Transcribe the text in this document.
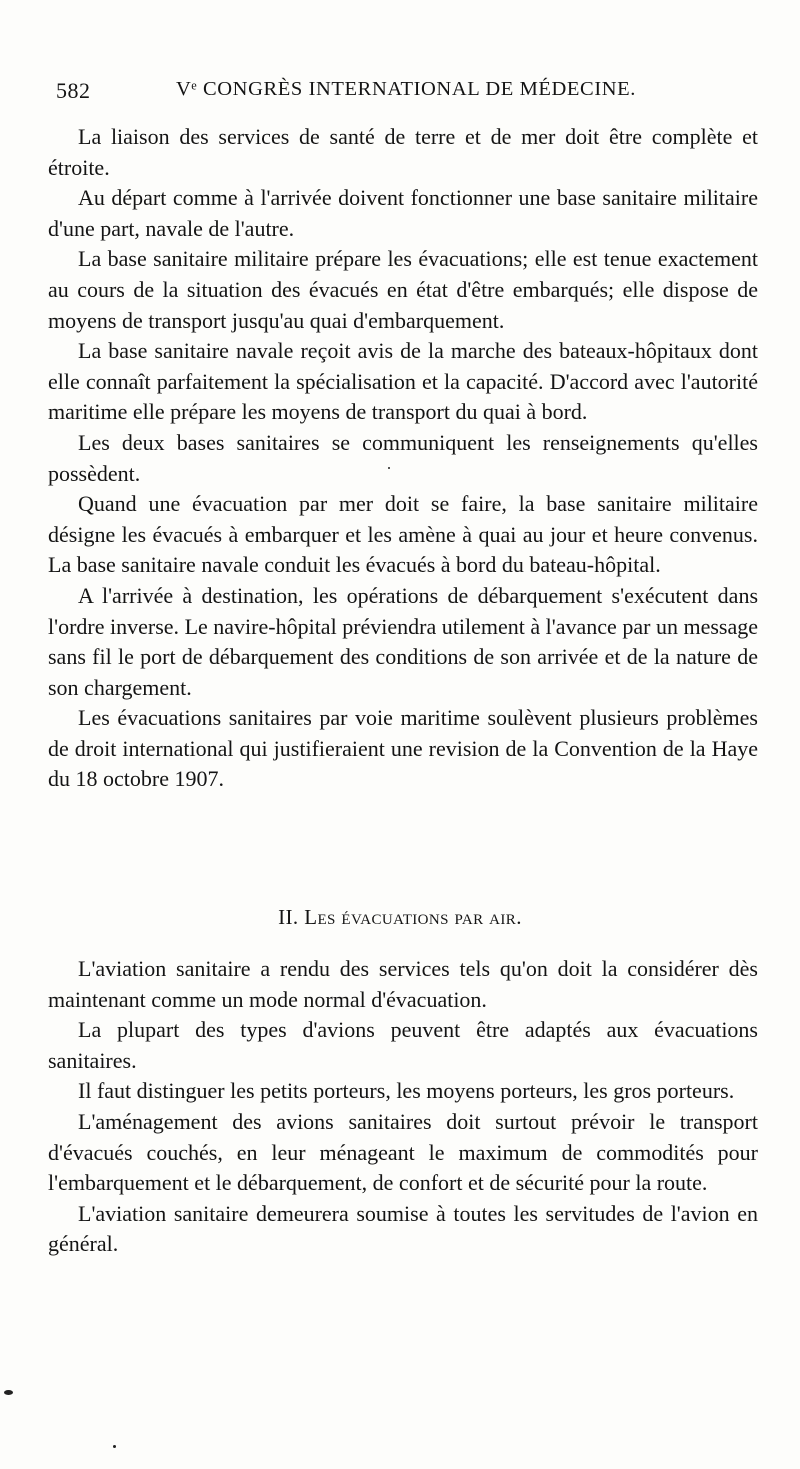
582	Vᵉ CONGRÈS INTERNATIONAL DE MÉDECINE.

La liaison des services de santé de terre et de mer doit être complète et étroite.

Au départ comme à l'arrivée doivent fonctionner une base sanitaire militaire d'une part, navale de l'autre.

La base sanitaire militaire prépare les évacuations; elle est tenue exactement au cours de la situation des évacués en état d'être embarqués; elle dispose de moyens de transport jusqu'au quai d'embarquement.

La base sanitaire navale reçoit avis de la marche des bateaux-hôpitaux dont elle connaît parfaitement la spécialisation et la capacité. D'accord avec l'autorité maritime elle prépare les moyens de transport du quai à bord.

Les deux bases sanitaires se communiquent les renseignements qu'elles possèdent.

Quand une évacuation par mer doit se faire, la base sanitaire militaire désigne les évacués à embarquer et les amène à quai au jour et heure convenus. La base sanitaire navale conduit les évacués à bord du bateau-hôpital.

A l'arrivée à destination, les opérations de débarquement s'exécutent dans l'ordre inverse. Le navire-hôpital préviendra utilement à l'avance par un message sans fil le port de débarquement des conditions de son arrivée et de la nature de son chargement.

Les évacuations sanitaires par voie maritime soulèvent plusieurs problèmes de droit international qui justifieraient une revision de la Convention de la Haye du 18 octobre 1907.

II. Les évacuations par air.

L'aviation sanitaire a rendu des services tels qu'on doit la considérer dès maintenant comme un mode normal d'évacuation.

La plupart des types d'avions peuvent être adaptés aux évacuations sanitaires.

Il faut distinguer les petits porteurs, les moyens porteurs, les gros porteurs.

L'aménagement des avions sanitaires doit surtout prévoir le transport d'évacués couchés, en leur ménageant le maximum de commodités pour l'embarquement et le débarquement, de confort et de sécurité pour la route.

L'aviation sanitaire demeurera soumise à toutes les servitudes de l'avion en général.
